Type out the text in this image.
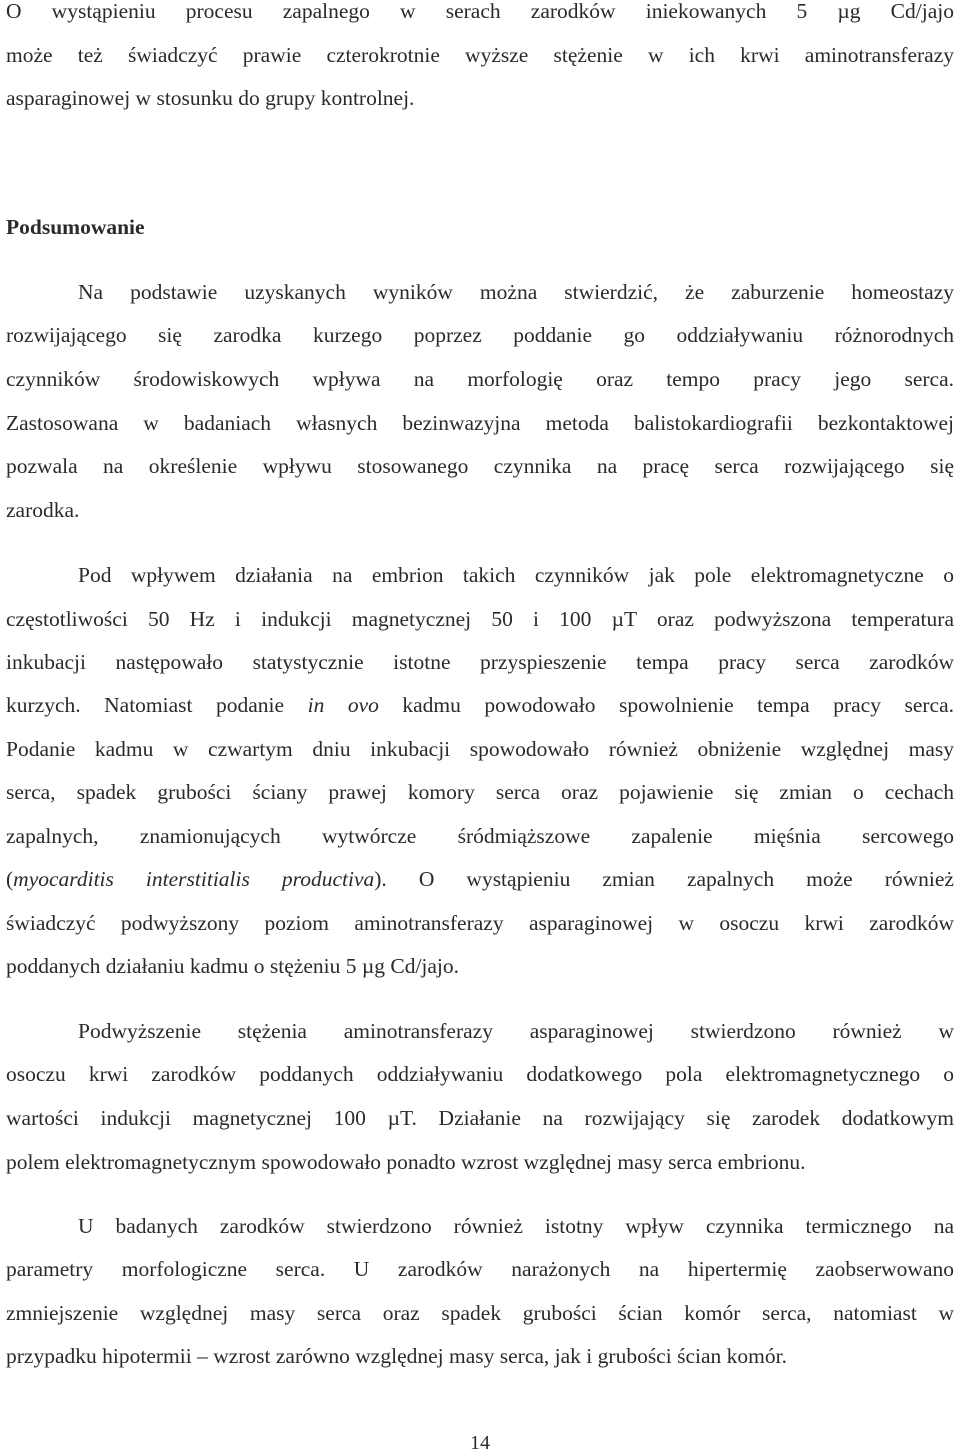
O wystąpieniu procesu zapalnego w serach zarodków iniekowanych 5 µg Cd/jajo
może też świadczyć prawie czterokrotnie wyższe stężenie w ich krwi aminotransferazy
asparaginowej w stosunku do grupy kontrolnej.
Podsumowanie
Na podstawie uzyskanych wyników można stwierdzić, że zaburzenie homeostazy
rozwijającego się zarodka kurzego poprzez poddanie go oddziaływaniu różnorodnych
czynników środowiskowych wpływa na morfologię oraz tempo pracy jego serca.
Zastosowana w badaniach własnych bezinwazyjna metoda balistokardiografii bezkontaktowej
pozwala na określenie wpływu stosowanego czynnika na pracę serca rozwijającego się
zarodka.
Pod wpływem działania na embrion takich czynników jak pole elektromagnetyczne o
częstotliwości 50 Hz i indukcji magnetycznej 50 i 100 µT oraz podwyższona temperatura
inkubacji następowało statystycznie istotne przyspieszenie tempa pracy serca zarodków
kurzych. Natomiast podanie in ovo kadmu powodowało spowolnienie tempa pracy serca.
Podanie kadmu w czwartym dniu inkubacji spowodowało również obniżenie względnej masy
serca, spadek grubości ściany prawej komory serca oraz pojawienie się zmian o cechach
zapalnych, znamionujących wytwórcze śródmiąższowe zapalenie mięśnia sercowego
(myocarditis interstitialis productiva). O wystąpieniu zmian zapalnych może również
świadczyć podwyższony poziom aminotransferazy asparaginowej w osoczu krwi zarodków
poddanych działaniu kadmu o stężeniu 5 µg Cd/jajo.
Podwyższenie stężenia aminotransferazy asparaginowej stwierdzono również w
osoczu krwi zarodków poddanych oddziaływaniu dodatkowego pola elektromagnetycznego o
wartości indukcji magnetycznej 100 µT. Działanie na rozwijający się zarodek dodatkowym
polem elektromagnetycznym spowodowało ponadto wzrost względnej masy serca embrionu.
U badanych zarodków stwierdzono również istotny wpływ czynnika termicznego na
parametry morfologiczne serca. U zarodków narażonych na hipertermię zaobserwowano
zmniejszenie względnej masy serca oraz spadek grubości ścian komór serca, natomiast w
przypadku hipotermii – wzrost zarówno względnej masy serca, jak i grubości ścian komór.
14
